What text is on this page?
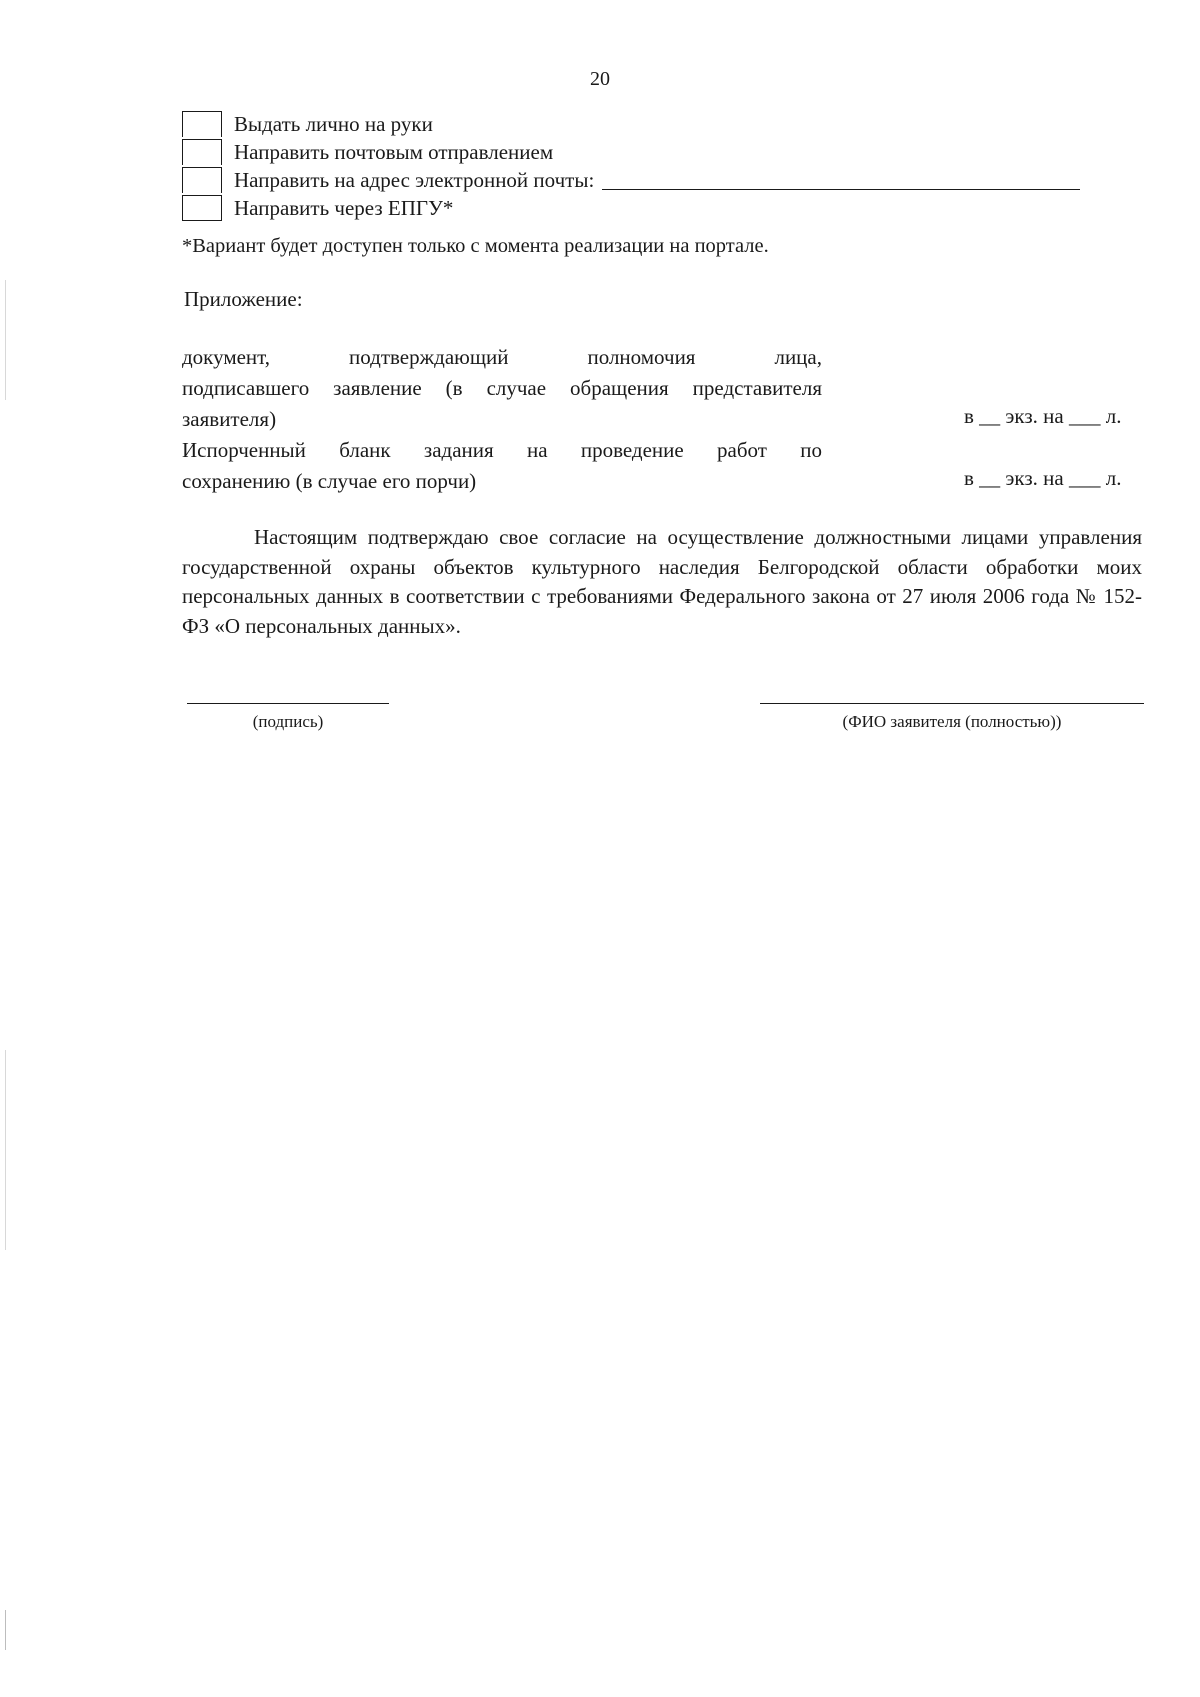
20
Выдать лично на руки
Направить почтовым отправлением
Направить на адрес электронной почты:
Направить через ЕПГУ*
*Вариант будет доступен только с момента реализации на портале.
Приложение:
документ, подтверждающий полномочия лица,
подписавшего заявление (в случае обращения представителя
заявителя)	в __ экз. на ___ л.
Испорченный бланк задания на проведение работ по
сохранению (в случае его порчи)	в __ экз. на ___ л.
Настоящим подтверждаю свое согласие на осуществление должностными лицами управления государственной охраны объектов культурного наследия Белгородской области обработки моих персональных данных в соответствии с требованиями Федерального закона от 27 июля 2006 года № 152-ФЗ «О персональных данных».
(подпись)	(ФИО заявителя (полностью))
